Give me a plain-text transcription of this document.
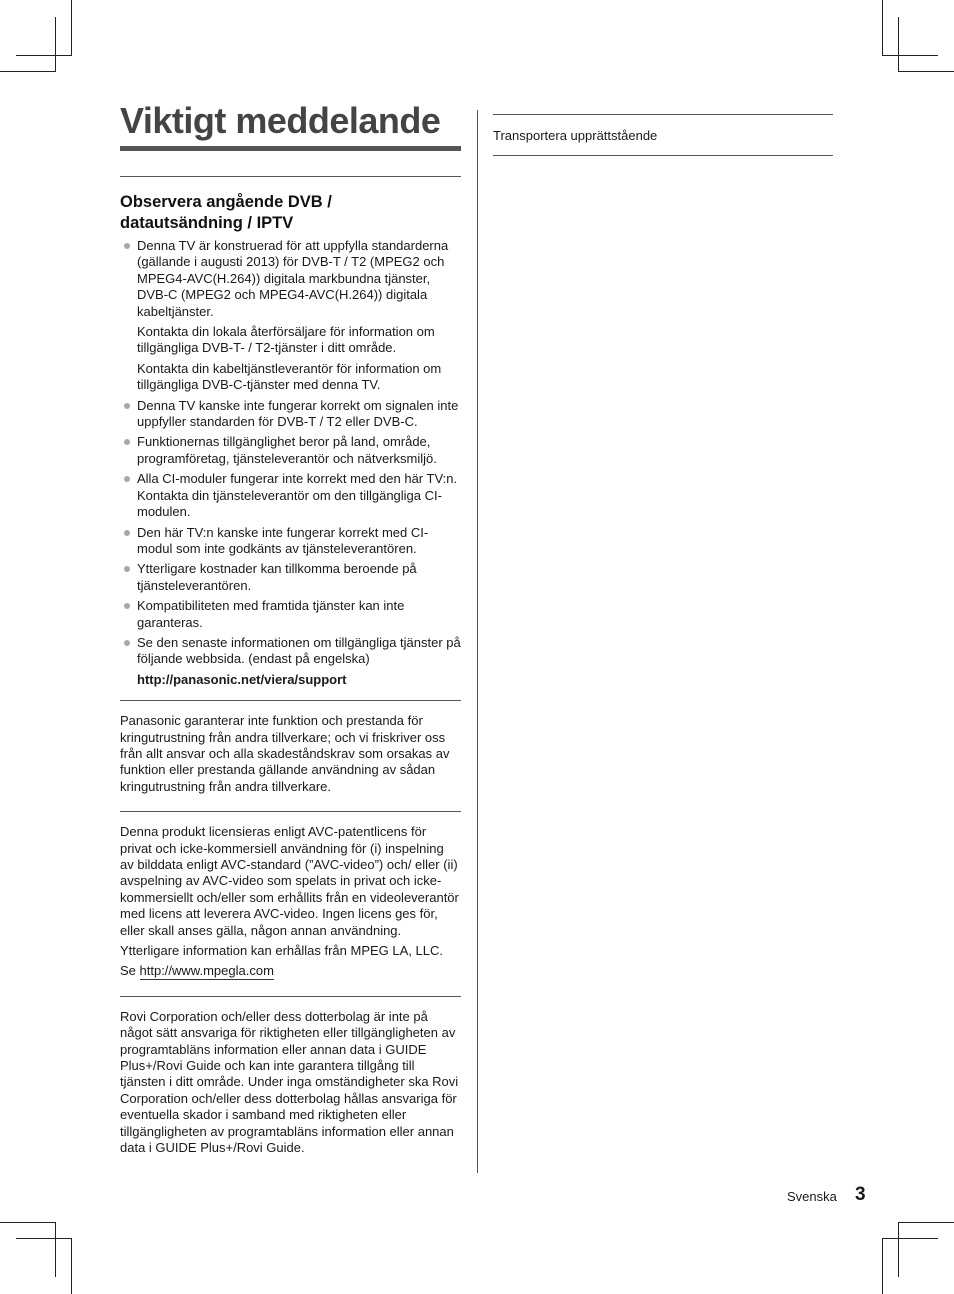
Viktigt meddelande
Observera angående DVB /
datautsändning / IPTV
Denna TV är konstruerad för att uppfylla standarderna (gällande i augusti 2013) för DVB-T / T2 (MPEG2 och MPEG4-AVC(H.264)) digitala markbundna tjänster, DVB-C (MPEG2 och MPEG4-AVC(H.264)) digitala kabeltjänster.

Kontakta din lokala återförsäljare för information om tillgängliga DVB-T- / T2-tjänster i ditt område.

Kontakta din kabeltjänstleverantör för information om tillgängliga DVB-C-tjänster med denna TV.

Denna TV kanske inte fungerar korrekt om signalen inte uppfyller standarden för DVB-T / T2 eller DVB-C.
Funktionernas tillgänglighet beror på land, område, programföretag, tjänsteleverantör och nätverksmiljö.
Alla CI-moduler fungerar inte korrekt med den här TV:n. Kontakta din tjänsteleverantör om den tillgängliga CI-modulen.
Den här TV:n kanske inte fungerar korrekt med CI-modul som inte godkänts av tjänsteleverantören.
Ytterligare kostnader kan tillkomma beroende på tjänsteleverantören.
Kompatibiliteten med framtida tjänster kan inte garanteras.
Se den senaste informationen om tillgängliga tjänster på följande webbsida. (endast på engelska)

http://panasonic.net/viera/support

Panasonic garanterar inte funktion och prestanda för kringutrustning från andra tillverkare; och vi friskriver oss från allt ansvar och alla skadeståndskrav som orsakas av funktion eller prestanda gällande användning av sådan kringutrustning från andra tillverkare.

Denna produkt licensieras enligt AVC-patentlicens för privat och icke-kommersiell användning för (i) inspelning av bilddata enligt AVC-standard (”AVC-video”) och/ eller (ii) avspelning av AVC-video som spelats in privat och icke-kommersiellt och/eller som erhållits från en videoleverantör med licens att leverera AVC-video. Ingen licens ges för, eller skall anses gälla, någon annan användning.

Ytterligare information kan erhållas från MPEG LA, LLC.

Se http://www.mpegla.com

Rovi Corporation och/eller dess dotterbolag är inte på något sätt ansvariga för riktigheten eller tillgängligheten av programtabläns information eller annan data i GUIDE Plus+/Rovi Guide och kan inte garantera tillgång till tjänsten i ditt område. Under inga omständigheter ska Rovi Corporation och/eller dess dotterbolag hållas ansvariga för eventuella skador i samband med riktigheten eller tillgängligheten av programtabläns information eller annan data i GUIDE Plus+/Rovi Guide.

Transportera upprättstående
Svenska 3
